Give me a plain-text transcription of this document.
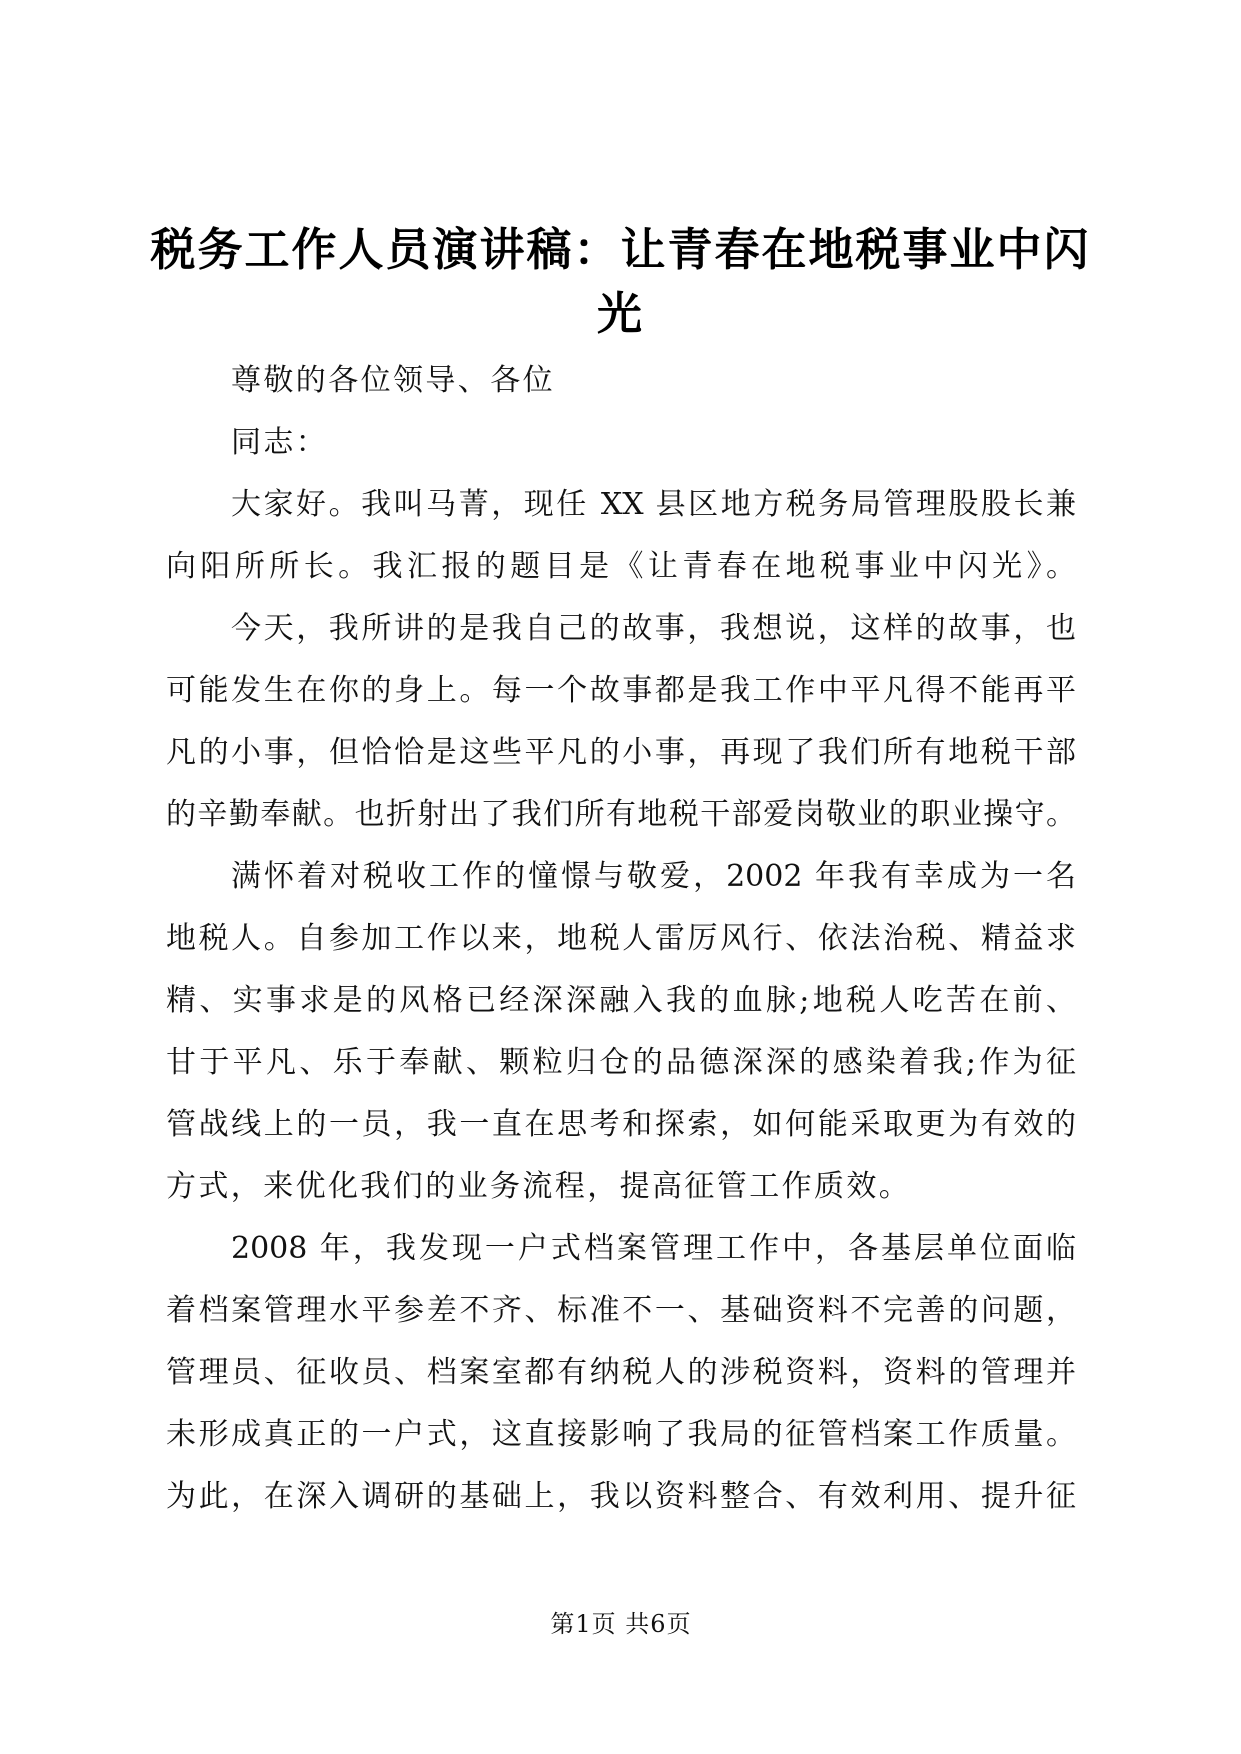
税务工作人员演讲稿：让青春在地税事业中闪
光
尊敬的各位领导、各位
同志：
大家好。我叫马菁，现任 XX 县区地方税务局管理股股长兼
向阳所所长。我汇报的题目是《让青春在地税事业中闪光》。
今天，我所讲的是我自己的故事，我想说，这样的故事，也
可能发生在你的身上。每一个故事都是我工作中平凡得不能再平
凡的小事，但恰恰是这些平凡的小事，再现了我们所有地税干部
的辛勤奉献。也折射出了我们所有地税干部爱岗敬业的职业操守。
满怀着对税收工作的憧憬与敬爱，2002 年我有幸成为一名
地税人。自参加工作以来，地税人雷厉风行、依法治税、精益求
精、实事求是的风格已经深深融入我的血脉;地税人吃苦在前、
甘于平凡、乐于奉献、颗粒归仓的品德深深的感染着我;作为征
管战线上的一员，我一直在思考和探索，如何能采取更为有效的
方式，来优化我们的业务流程，提高征管工作质效。
2008 年，我发现一户式档案管理工作中，各基层单位面临
着档案管理水平参差不齐、标准不一、基础资料不完善的问题，
管理员、征收员、档案室都有纳税人的涉税资料，资料的管理并
未形成真正的一户式，这直接影响了我局的征管档案工作质量。
为此，在深入调研的基础上，我以资料整合、有效利用、提升征
第1页 共6页
